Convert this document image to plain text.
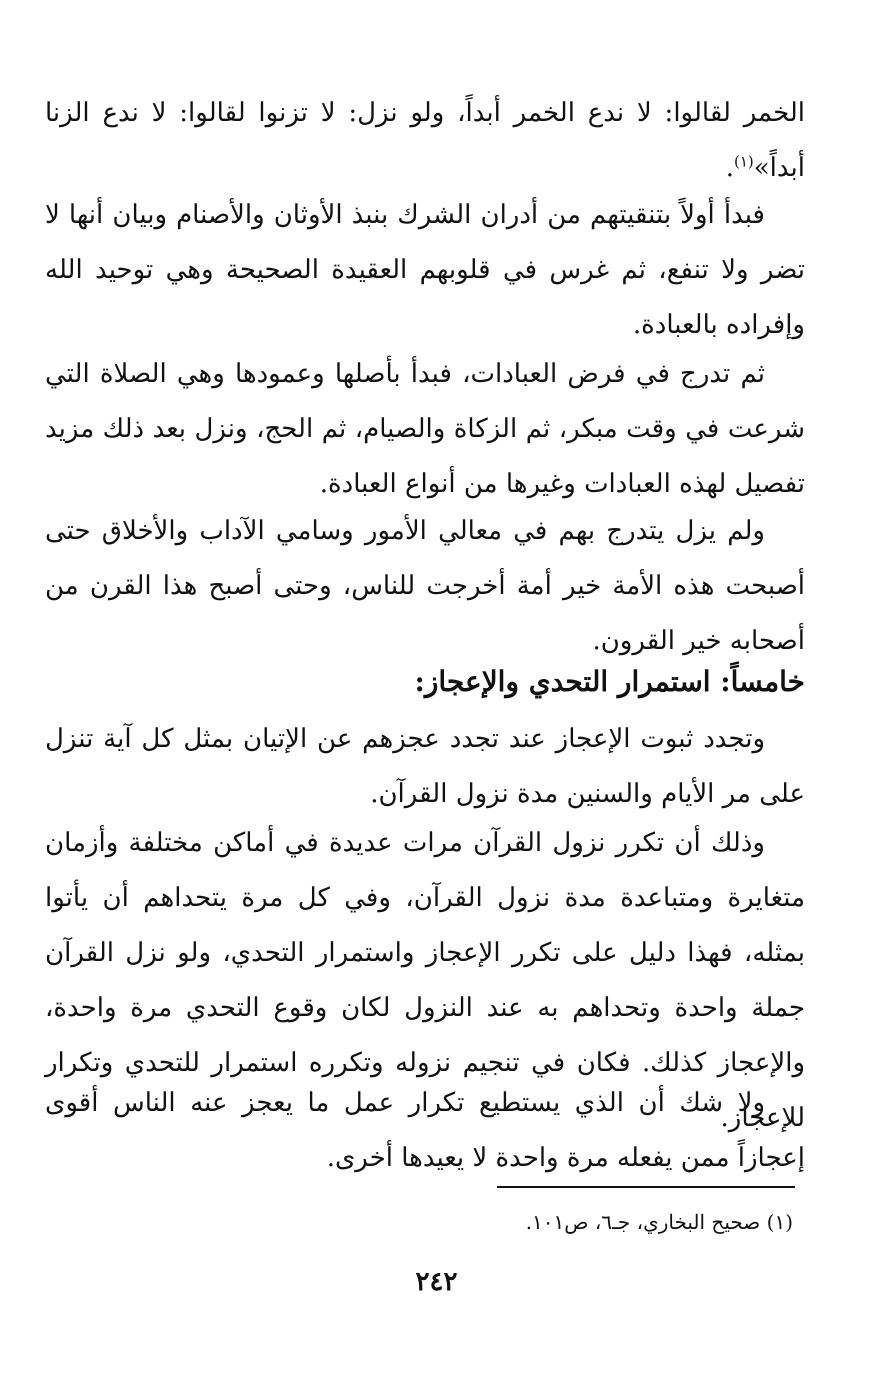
الخمر لقالوا: لا ندع الخمر أبداً، ولو نزل: لا تزنوا لقالوا: لا ندع الزنا أبداً»$^{(١)}$.

فبدأ أولاً بتنقيتهم من أدران الشرك بنبذ الأوثان والأصنام وبيان أنها لا تضر ولا تنفع، ثم غرس في قلوبهم العقيدة الصحيحة وهي توحيد الله وإفراده بالعبادة.

ثم تدرج في فرض العبادات، فبدأ بأصلها وعمودها وهي الصلاة التي شرعت في وقت مبكر، ثم الزكاة والصيام، ثم الحج، ونزل بعد ذلك مزيد تفصيل لهذه العبادات وغيرها من أنواع العبادة.

ولم يزل يتدرج بهم في معالي الأمور وسامي الآداب والأخلاق حتى أصبحت هذه الأمة خير أمة أخرجت للناس، وحتى أصبح هذا القرن من أصحابه خير القرون.

خامساً: استمرار التحدي والإعجاز:

وتجدد ثبوت الإعجاز عند تجدد عجزهم عن الإتيان بمثل كل آية تنزل على مر الأيام والسنين مدة نزول القرآن.

وذلك أن تكرر نزول القرآن مرات عديدة في أماكن مختلفة وأزمان متغايرة ومتباعدة مدة نزول القرآن، وفي كل مرة يتحداهم أن يأتوا بمثله، فهذا دليل على تكرر الإعجاز واستمرار التحدي، ولو نزل القرآن جملة واحدة وتحداهم به عند النزول لكان وقوع التحدي مرة واحدة، والإعجاز كذلك. فكان في تنجيم نزوله وتكرره استمرار للتحدي وتكرار للإعجاز.

ولا شك أن الذي يستطيع تكرار عمل ما يعجز عنه الناس أقوى إعجازاً ممن يفعله مرة واحدة لا يعيدها أخرى.

(١) صحيح البخاري، جـ٦، ص١٠١.

٢٤٢
